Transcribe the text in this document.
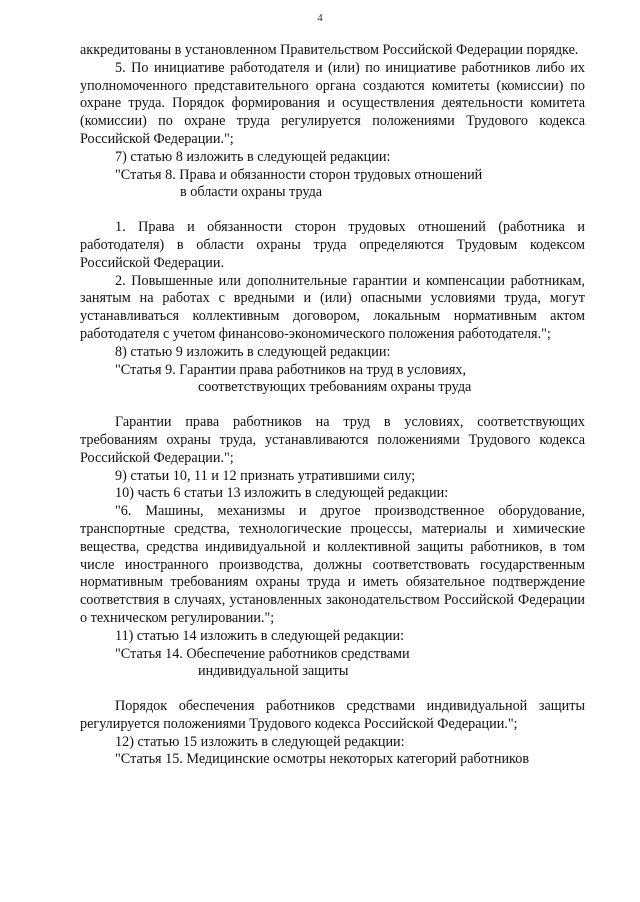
4

аккредитованы в установленном Правительством Российской Федерации порядке.

5. По инициативе работодателя и (или) по инициативе работников либо их уполномоченного представительного органа создаются комитеты (комиссии) по охране труда. Порядок формирования и осуществления деятельности комитета (комиссии) по охране труда регулируется положениями Трудового кодекса Российской Федерации.";

7) статью 8 изложить в следующей редакции:

"Статья 8. Права и обязанности сторон трудовых отношений

в области охраны труда

1. Права и обязанности сторон трудовых отношений (работника и работодателя) в области охраны труда определяются Трудовым кодексом Российской Федерации.

2. Повышенные или дополнительные гарантии и компенсации работникам, занятым на работах с вредными и (или) опасными условиями труда, могут устанавливаться коллективным договором, локальным нормативным актом работодателя с учетом финансово-экономического положения работодателя.";

8) статью 9 изложить в следующей редакции:

"Статья 9. Гарантии права работников на труд в условиях,

соответствующих требованиям охраны труда

Гарантии права работников на труд в условиях, соответствующих требованиям охраны труда, устанавливаются положениями Трудового кодекса Российской Федерации.";

9) статьи 10, 11 и 12 признать утратившими силу;

10) часть 6 статьи 13 изложить в следующей редакции:

"6. Машины, механизмы и другое производственное оборудование, транспортные средства, технологические процессы, материалы и химические вещества, средства индивидуальной и коллективной защиты работников, в том числе иностранного производства, должны соответствовать государственным нормативным требованиям охраны труда и иметь обязательное подтверждение соответствия в случаях, установленных законодательством Российской Федерации о техническом регулировании.";

11) статью 14 изложить в следующей редакции:

"Статья 14. Обеспечение работников средствами

индивидуальной защиты

Порядок обеспечения работников средствами индивидуальной защиты регулируется положениями Трудового кодекса Российской Федерации.";

12) статью 15 изложить в следующей редакции:

"Статья 15. Медицинские осмотры некоторых категорий работников
